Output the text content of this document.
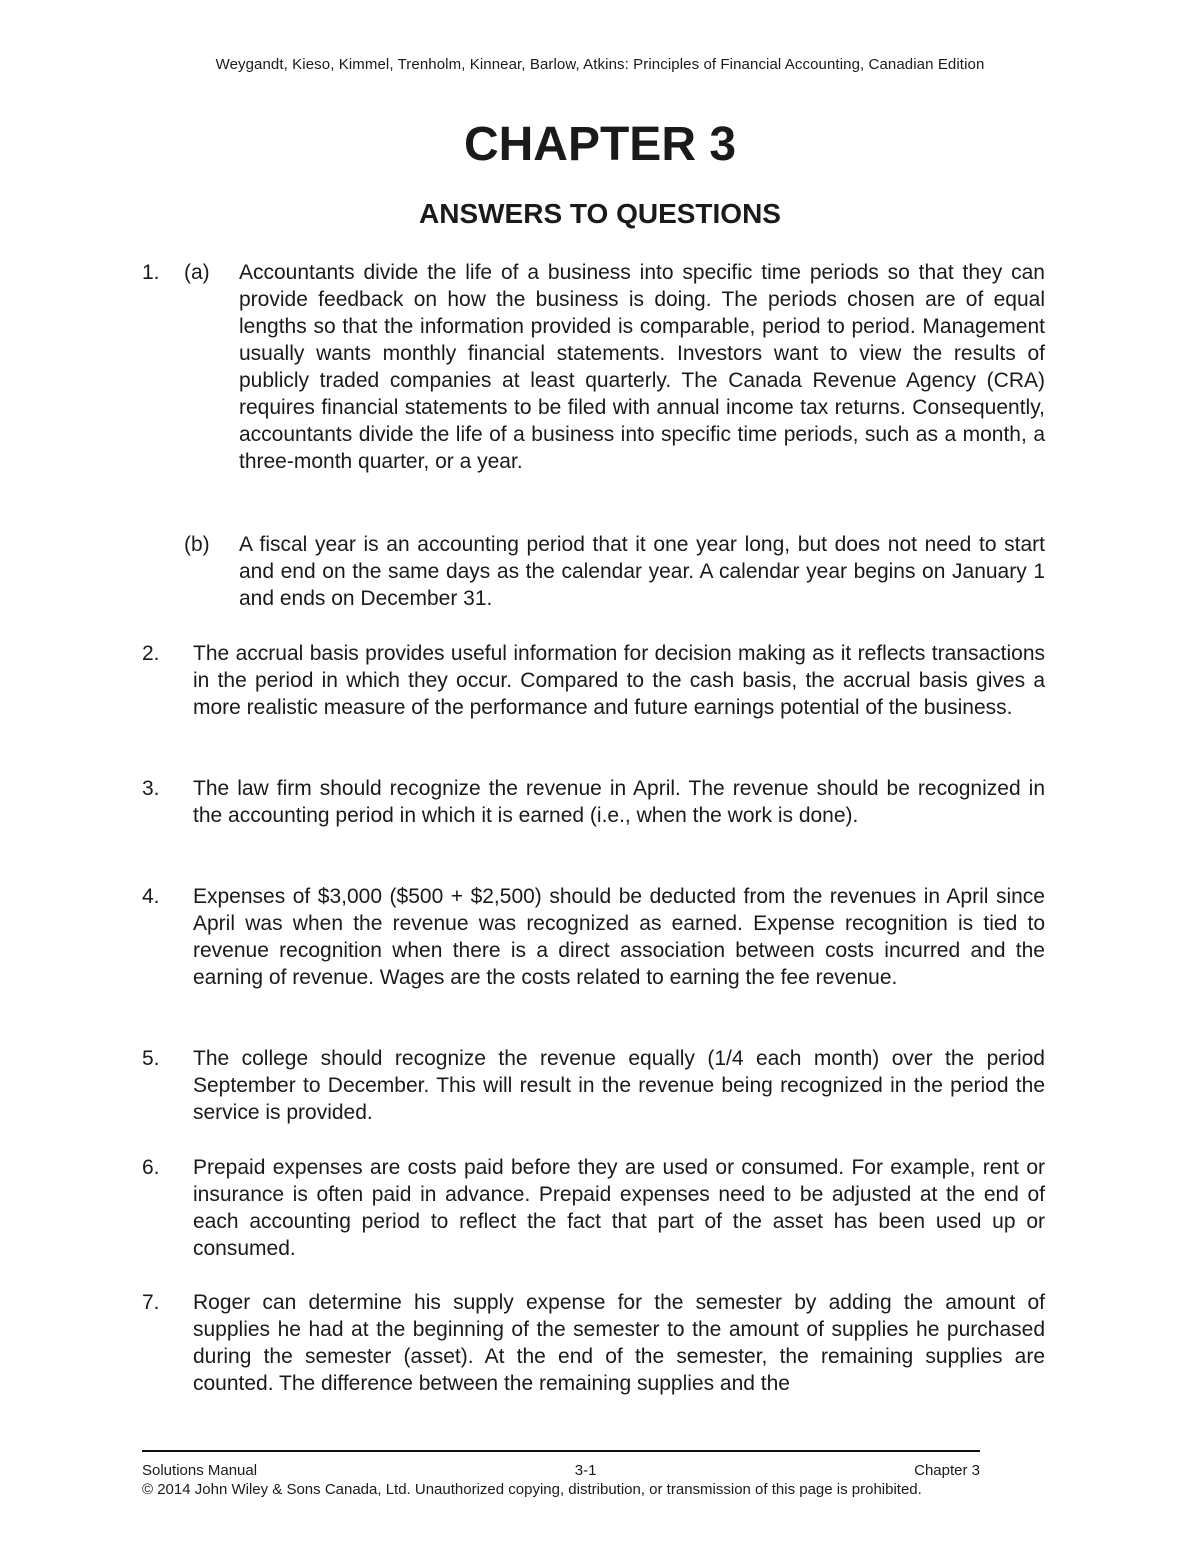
Weygandt, Kieso, Kimmel, Trenholm, Kinnear, Barlow, Atkins: Principles of Financial Accounting, Canadian Edition
CHAPTER 3
ANSWERS TO QUESTIONS
1. (a) Accountants divide the life of a business into specific time periods so that they can provide feedback on how the business is doing. The periods chosen are of equal lengths so that the information provided is comparable, period to period. Management usually wants monthly financial statements. Investors want to view the results of publicly traded companies at least quarterly. The Canada Revenue Agency (CRA) requires financial statements to be filed with annual income tax returns. Consequently, accountants divide the life of a business into specific time periods, such as a month, a three-month quarter, or a year.
(b) A fiscal year is an accounting period that it one year long, but does not need to start and end on the same days as the calendar year. A calendar year begins on January 1 and ends on December 31.
2. The accrual basis provides useful information for decision making as it reflects transactions in the period in which they occur. Compared to the cash basis, the accrual basis gives a more realistic measure of the performance and future earnings potential of the business.
3. The law firm should recognize the revenue in April. The revenue should be recognized in the accounting period in which it is earned (i.e., when the work is done).
4. Expenses of $3,000 ($500 + $2,500) should be deducted from the revenues in April since April was when the revenue was recognized as earned. Expense recognition is tied to revenue recognition when there is a direct association between costs incurred and the earning of revenue. Wages are the costs related to earning the fee revenue.
5. The college should recognize the revenue equally (1/4 each month) over the period September to December. This will result in the revenue being recognized in the period the service is provided.
6. Prepaid expenses are costs paid before they are used or consumed. For example, rent or insurance is often paid in advance. Prepaid expenses need to be adjusted at the end of each accounting period to reflect the fact that part of the asset has been used up or consumed.
7. Roger can determine his supply expense for the semester by adding the amount of supplies he had at the beginning of the semester to the amount of supplies he purchased during the semester (asset). At the end of the semester, the remaining supplies are counted. The difference between the remaining supplies and the
Solutions Manual	3-1	Chapter 3
© 2014 John Wiley & Sons Canada, Ltd. Unauthorized copying, distribution, or transmission of this page is prohibited.
